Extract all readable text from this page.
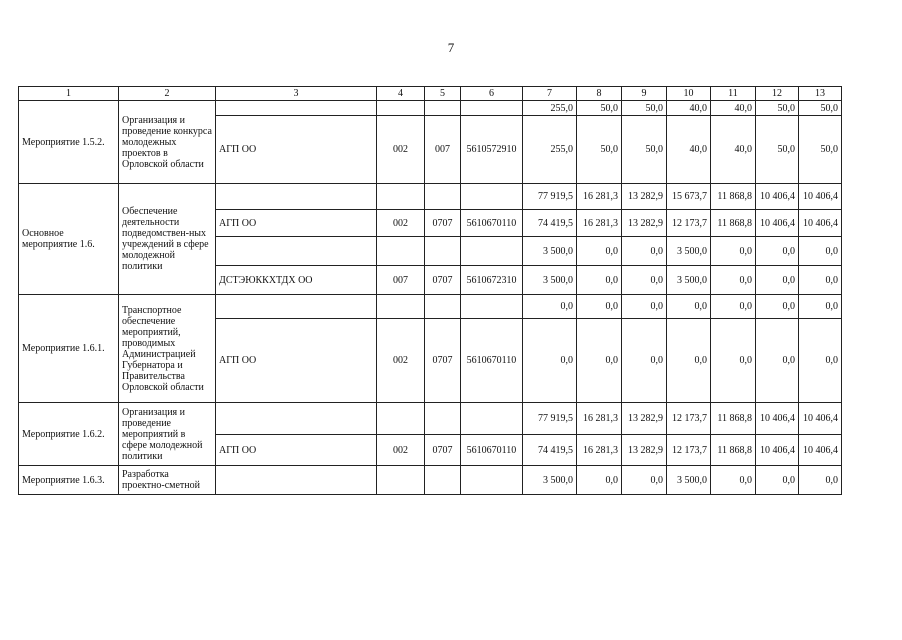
7
1	2	3	4	5	6	7	8	9	10	11	12	13
Мероприятие 1.5.2.	Организация и проведение конкурса молодежных проектов в Орловской области					255,0	50,0	50,0	40,0	40,0	50,0	50,0
		АГП ОО	002	007	5610572910	255,0	50,0	50,0	40,0	40,0	50,0	50,0
Основное мероприятие 1.6.	Обеспечение деятельности подведомствен-ных учреждений в сфере молодежной политики					77 919,5	16 281,3	13 282,9	15 673,7	11 868,8	10 406,4	10 406,4
		АГП ОО	002	0707	5610670110	74 419,5	16 281,3	13 282,9	12 173,7	11 868,8	10 406,4	10 406,4
						3 500,0	0,0	0,0	3 500,0	0,0	0,0	0,0
		ДСТЭЮККХТДХ ОО	007	0707	5610672310	3 500,0	0,0	0,0	3 500,0	0,0	0,0	0,0
Мероприятие 1.6.1.	Транспортное обеспечение мероприятий, проводимых Администрацией Губернатора и Правительства Орловской области					0,0	0,0	0,0	0,0	0,0	0,0	0,0
		АГП ОО	002	0707	5610670110	0,0	0,0	0,0	0,0	0,0	0,0	0,0
Мероприятие 1.6.2.	Организация и проведение мероприятий в сфере молодежной политики					77 919,5	16 281,3	13 282,9	12 173,7	11 868,8	10 406,4	10 406,4
		АГП ОО	002	0707	5610670110	74 419,5	16 281,3	13 282,9	12 173,7	11 868,8	10 406,4	10 406,4
Мероприятие 1.6.3.	Разработка проектно-сметной					3 500,0	0,0	0,0	3 500,0	0,0	0,0	0,0
